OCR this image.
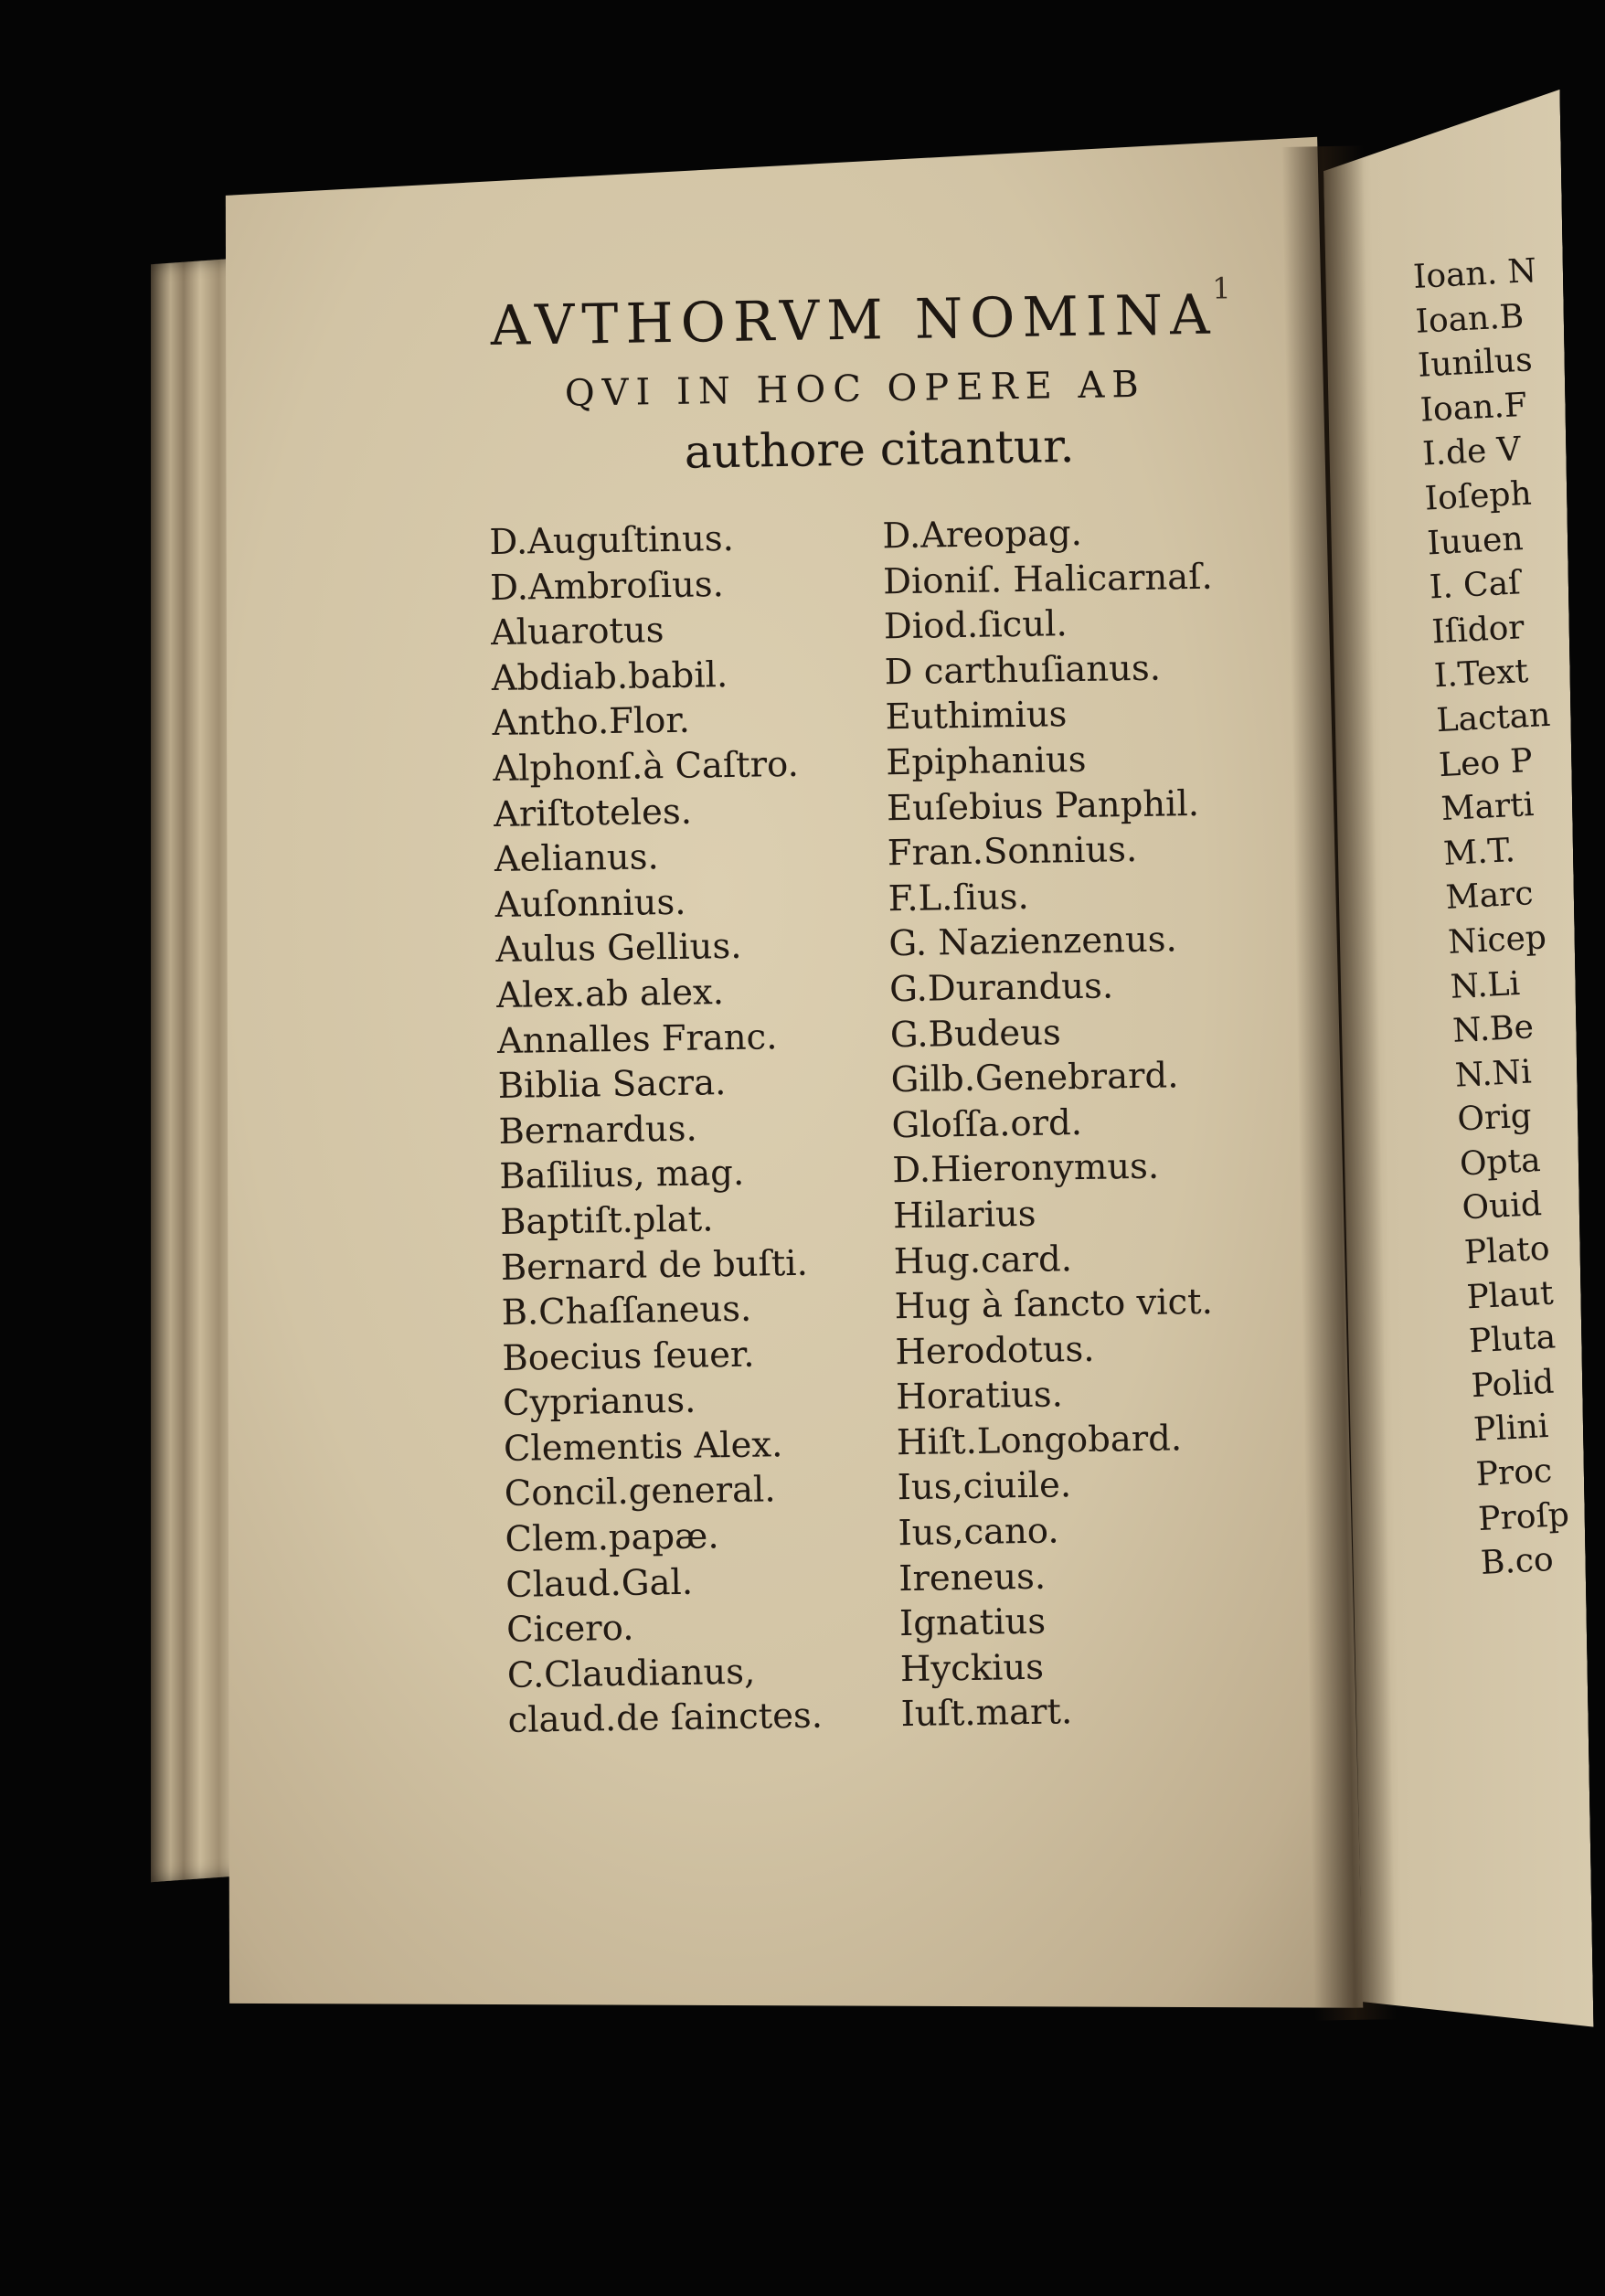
1
AVTHORVM NOMINA
QVI IN HOC OPERE AB
authore citantur.
D.Auguſtinus.
D.Ambroſius.
Aluarotus
Abdiab.babil.
Antho.Flor.
Alphonſ.à Caſtro.
Ariſtoteles.
Aelianus.
Auſonnius.
Aulus Gellius.
Alex.ab alex.
Annalles Franc.
Biblia Sacra.
Bernardus.
Baſilius, mag.
Baptiſt.plat.
Bernard de buſti.
B.Chaſſaneus.
Boecius ſeuer.
Cyprianus.
Clementis Alex.
Concil.general.
Clem.papæ.
Claud.Gal.
Cicero.
C.Claudianus,
claud.de ſainctes.
D.Areopag.
Dioniſ. Halicarnaſ.
Diod.ſicul.
D carthuſianus.
Euthimius
Epiphanius
Euſebius Panphil.
Fran.Sonnius.
F.L.ſius.
G. Nazienzenus.
G.Durandus.
G.Budeus
Gilb.Genebrard.
Gloſſa.ord.
D.Hieronymus.
Hilarius
Hug.card.
Hug à ſancto vict.
Herodotus.
Horatius.
Hiſt.Longobard.
Ius,ciuile.
Ius,cano.
Ireneus.
Ignatius
Hyckius
Iuſt.mart.
Ioan. N
Ioan.B
Iunilus
Ioan.F
I.de V
Ioſeph
Iuuen
I. Caſ
Iſidor
I.Text
Lactan
Leo P
Marti
M.T.
Marc
Nicep
N.Li
N.Be
N.Ni
Orig
Opta
Ouid
Plato
Plaut
Pluta
Polid
Plini
Proc
Proſp
B.co
